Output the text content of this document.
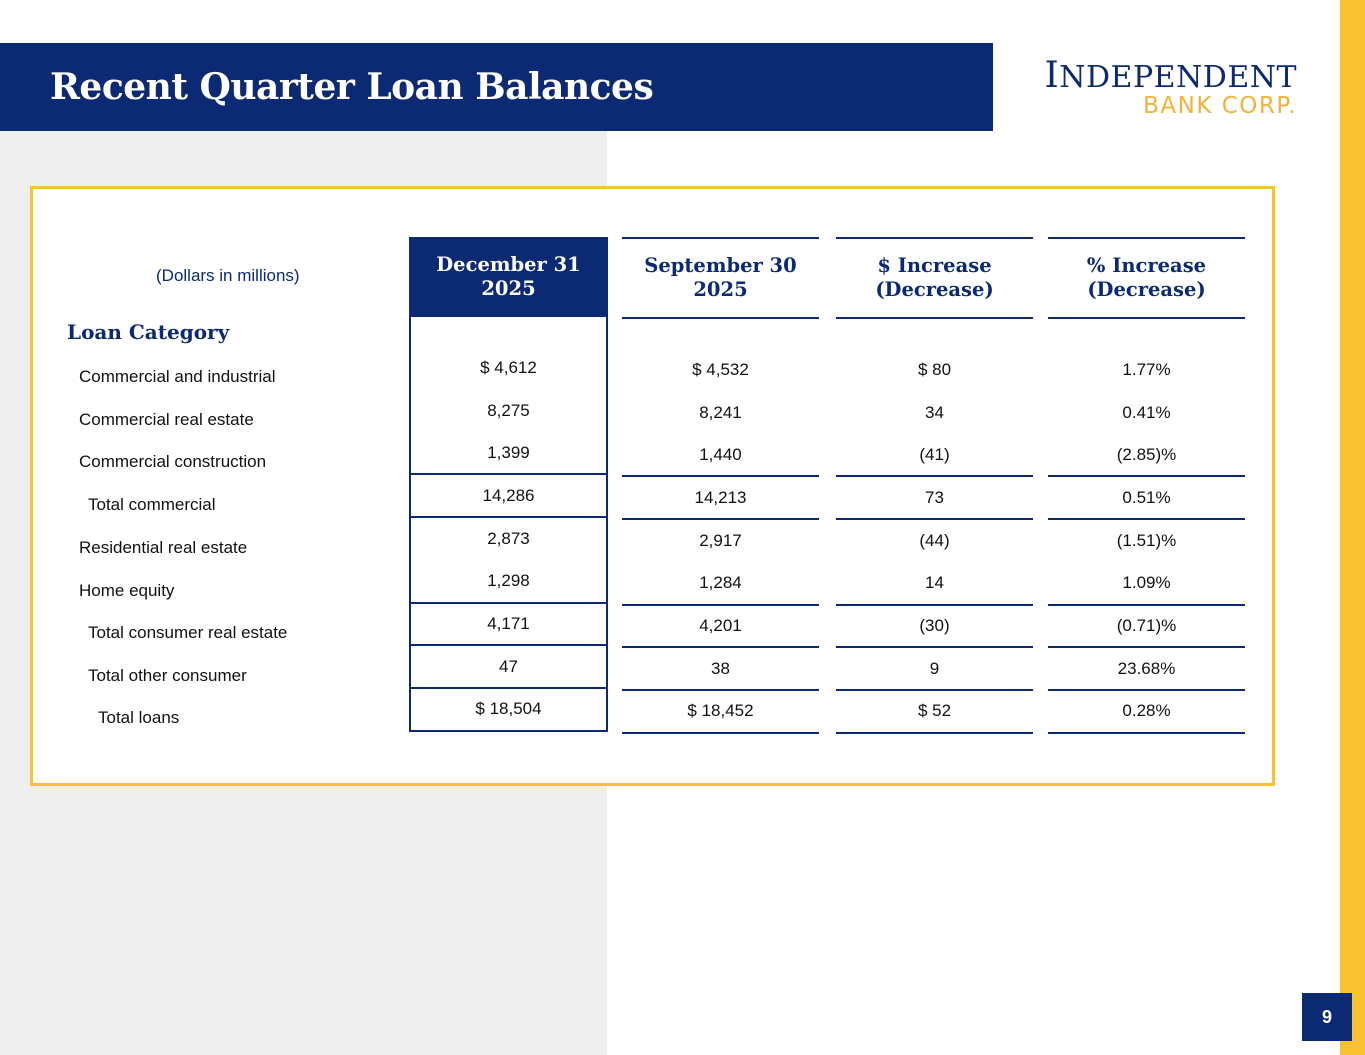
Recent Quarter Loan Balances	INDEPENDENT
BANK CORP.
(Dollars in millions)
Loan Category
Commercial and industrial
Commercial real estate
Commercial construction
Total commercial
Residential real estate
Home equity
Total consumer real estate
Total other consumer
Total loans
December 31
2025
$ 4,612
8,275
1,399
14,286
2,873
1,298
4,171
47
$ 18,504
September 30
2025
$ 4,532
8,241
1,440
14,213
2,917
1,284
4,201
38
$ 18,452
$ Increase
(Decrease)
$ 80
34
(41)
73
(44)
14
(30)
9
$ 52
% Increase
(Decrease)
1.77%
0.41%
(2.85)%
0.51%
(1.51)%
1.09%
(0.71)%
23.68%
0.28%
9
